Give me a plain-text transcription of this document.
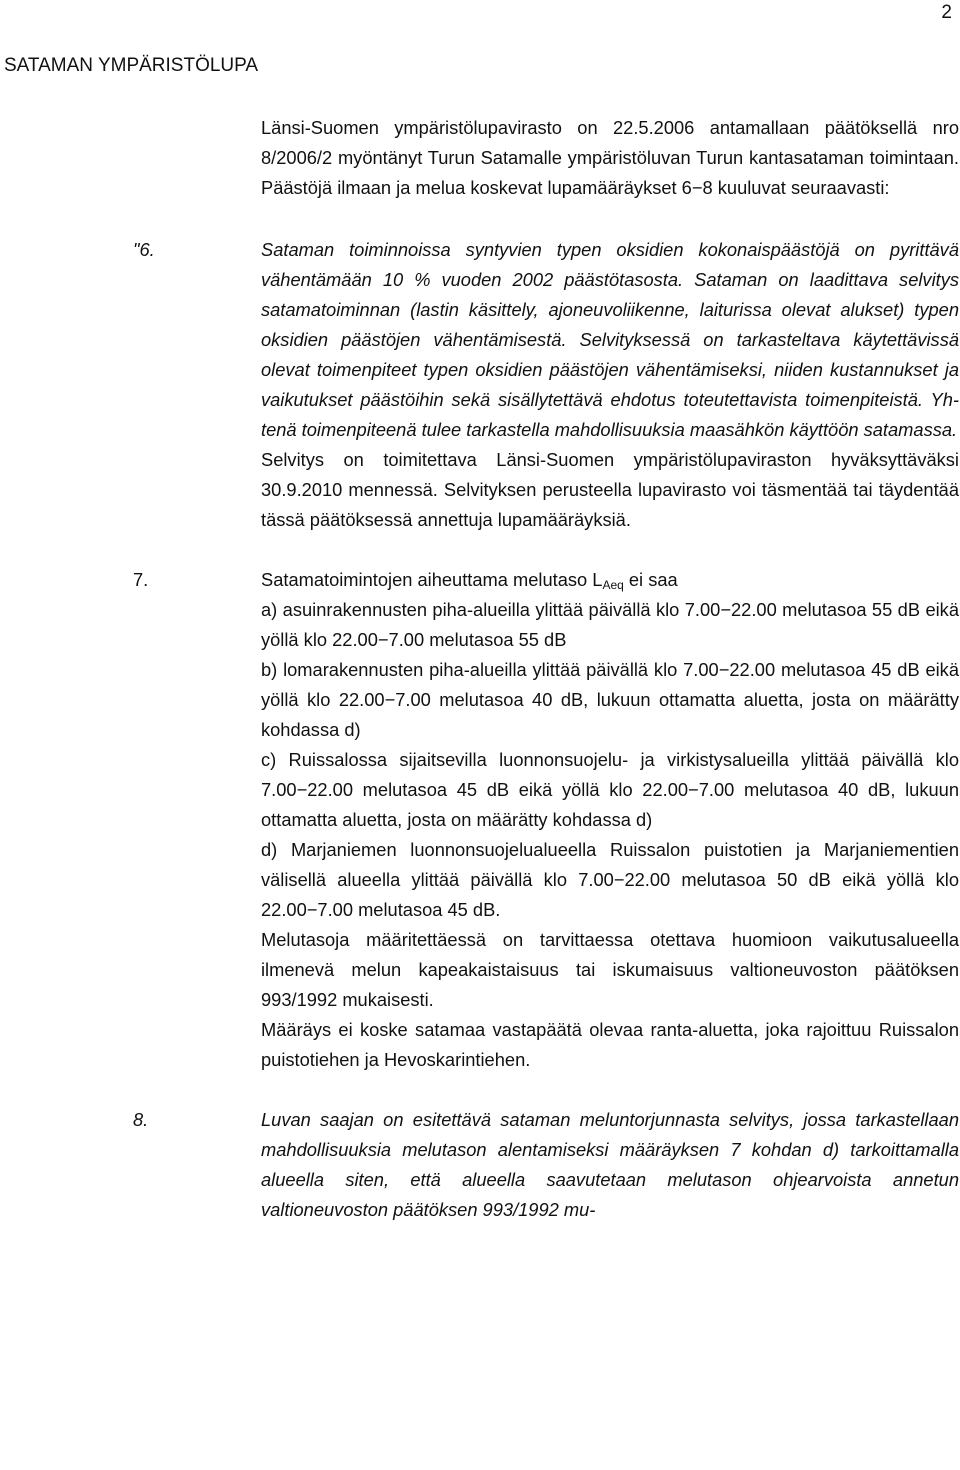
2
SATAMAN YMPÄRISTÖLUPA

Länsi-Suomen ympäristölupavirasto on 22.5.2006 antamallaan päätöksellä nro 8/2006/2 myöntänyt Turun Satamalle ympäristöluvan Turun kantasataman toimintaan. Päästöjä ilmaan ja melua koskevat lupamääräykset 6−8 kuuluvat seuraavasti:

"6.	Sataman toiminnoissa syntyvien typen oksidien kokonaispäästöjä on pyrittävä vähentämään 10 % vuoden 2002 päästötasosta. Sataman on laadittava selvitys satamatoiminnan (lastin käsittely, ajoneuvoliikenne, laiturissa olevat alukset) typen oksidien päästöjen vähentämisestä. Selvityksessä on tarkasteltava käytettävissä olevat toimenpiteet typen oksidien päästöjen vähentämiseksi, niiden kustannukset ja vaikutukset päästöihin sekä sisällytettävä ehdotus toteutettavista toimenpiteistä. Yhtenä toimenpiteenä tulee tarkastella mahdollisuuksia maasähkön käyttöön satamassa.

Selvitys on toimitettava Länsi-Suomen ympäristölupaviraston hyväksyttäväksi 30.9.2010 mennessä. Selvityksen perusteella lupavirasto voi täsmentää tai täydentää tässä päätöksessä annettuja lupamääräyksiä.

7.	Satamatoimintojen aiheuttama melutaso $L_{Aeq}$ ei saa

a) asuinrakennusten piha-alueilla ylittää päivällä klo 7.00−22.00 melutasoa 55 dB eikä yöllä klo 22.00−7.00 melutasoa 55 dB

b) lomarakennusten piha-alueilla ylittää päivällä klo 7.00−22.00 melutasoa 45 dB eikä yöllä klo 22.00−7.00 melutasoa 40 dB, lukuun ottamatta aluetta, josta on määrätty kohdassa d)

c) Ruissalossa sijaitsevilla luonnonsuojelu- ja virkistysalueilla ylittää päivällä klo 7.00−22.00 melutasoa 45 dB eikä yöllä klo 22.00−7.00 melutasoa 40 dB, lukuun ottamatta aluetta, josta on määrätty kohdassa d)

d) Marjaniemen luonnonsuojelualueella Ruissalon puistotien ja Marjaniementien välisellä alueella ylittää päivällä klo 7.00−22.00 melutasoa 50 dB eikä yöllä klo 22.00−7.00 melutasoa 45 dB.

Melutasoja määritettäessä on tarvittaessa otettava huomioon vaikutusalueella ilmenevä melun kapeakaistaisuus tai iskumaisuus valtioneuvoston päätöksen 993/1992 mukaisesti.

Määräys ei koske satamaa vastapäätä olevaa ranta-aluetta, joka rajoittuu Ruissalon puistotiehen ja Hevoskarintiehen.

8.	Luvan saajan on esitettävä sataman meluntorjunnasta selvitys, jossa tarkastellaan mahdollisuuksia melutason alentamiseksi määräyksen 7 kohdan d) tarkoittamalla alueella siten, että alueella saavutetaan melutason ohjearvoista annetun valtioneuvoston päätöksen 993/1992 mu-
